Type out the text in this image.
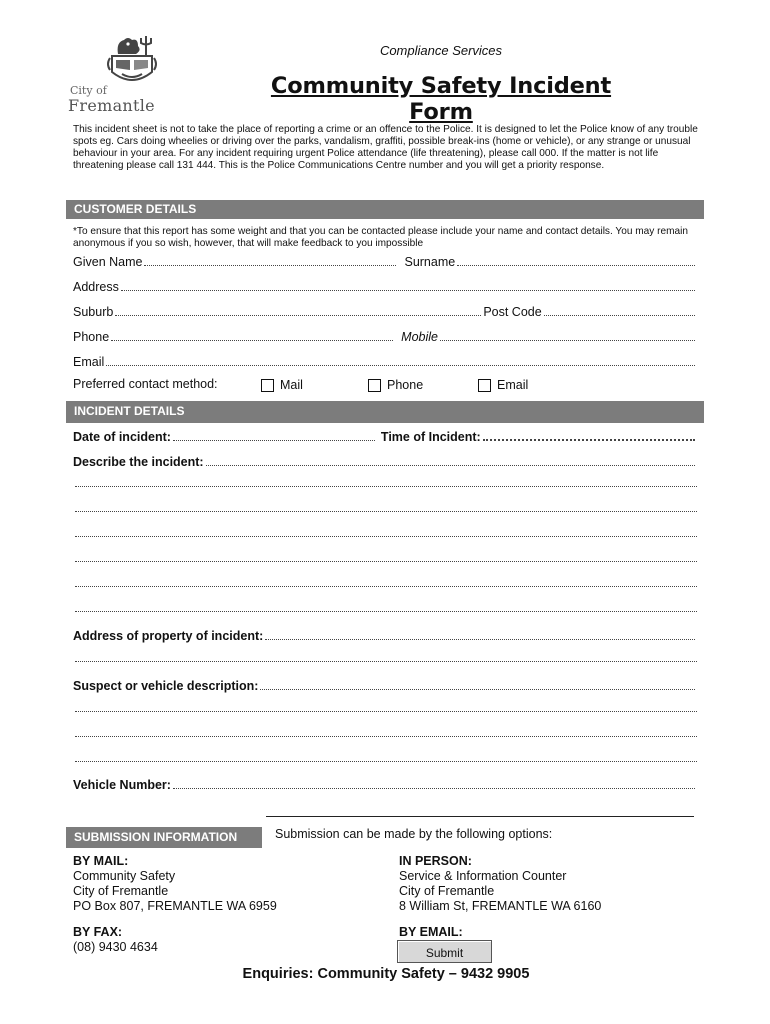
City of
Fremantle
Compliance Services
Community Safety Incident Form
This incident sheet is not to take the place of reporting a crime or an offence to the Police. It is designed to let the Police know of any trouble spots eg. Cars doing wheelies or driving over the parks, vandalism, graffiti, possible break-ins (home or vehicle), or any strange or unusual behaviour in your area. For any incident requiring urgent Police attendance (life threatening), please call 000. If the matter is not life threatening please call 131 444. This is the Police Communications Centre number and you will get a priority response.
CUSTOMER DETAILS
*To ensure that this report has some weight and that you can be contacted please include your name and contact details. You may remain anonymous if you so wish, however, that will make feedback to you impossible
Given Name	Surname
Address
Suburb	Post Code
Phone	Mobile
Email
Preferred contact method:	Mail	Phone	Email
INCIDENT DETAILS
Date of incident:	Time of Incident:
Describe the incident:
Address of property of incident:
Suspect or vehicle description:
Vehicle Number:
SUBMISSION INFORMATION	Submission can be made by the following options:
BY MAIL:
Community Safety
City of Fremantle
PO Box 807, FREMANTLE WA 6959
IN PERSON:
Service & Information Counter
City of Fremantle
8 William St, FREMANTLE WA 6160
BY FAX:
(08) 9430 4634
BY EMAIL:
Submit
Enquiries: Community Safety – 9432 9905
